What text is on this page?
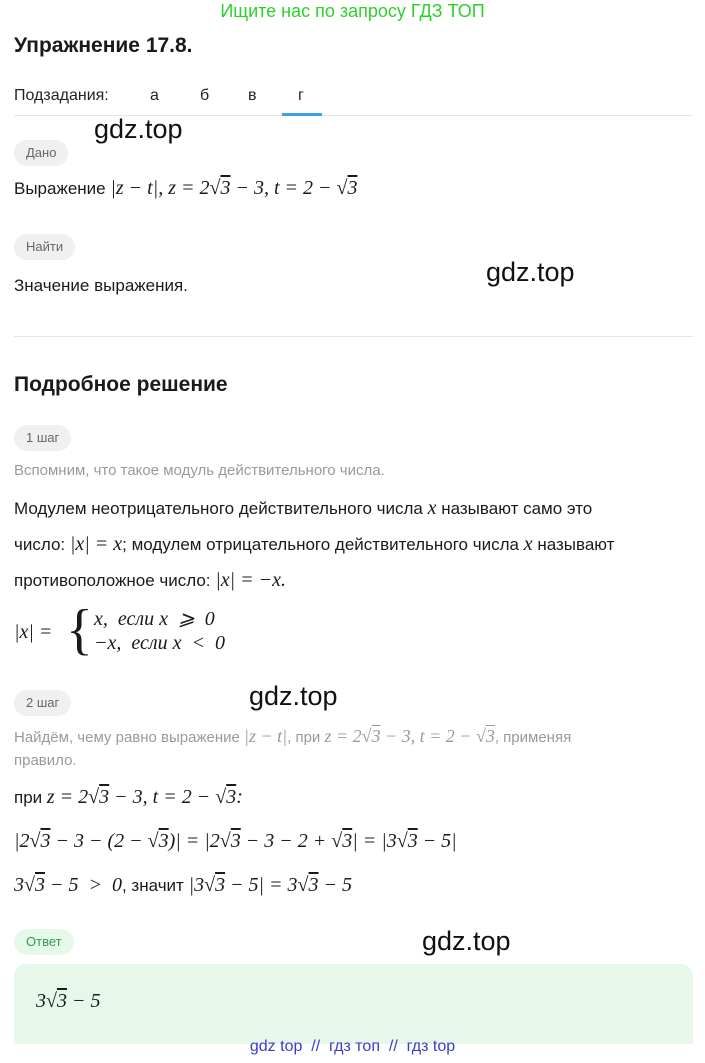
Ищите нас по запросу ГДЗ ТОП
Упражнение 17.8.
Подзадания:	а	б в	г
gdz.top
Дано
Выражение |z − t|, z = 2√3 − 3, t = 2 − √3
Найти
Значение выражения.	gdz.top
Подробное решение
1 шаг
Вспомним, что такое модуль действительного числа.
Модулем неотрицательного действительного числа x называют само это
число: |x| = x; модулем отрицательного действительного числа x называют
противоположное число: |x| = −x.
|x| = { x,  если x  ⩾  0
−x,  если x  <  0
2 шаг	gdz.top
Найдём, чему равно выражение |z − t|, при z = 2√3 − 3, t = 2 − √3, применяя
правило.
при z = 2√3 − 3, t = 2 − √3:
|2√3 − 3 − (2 − √3)| = |2√3 − 3 − 2 + √3| = |3√3 − 5|
3√3 − 5  >  0, значит |3√3 − 5| = 3√3 − 5
Ответ	gdz.top
3√3 − 5
gdz top  //  гдз топ  //  гдз top
